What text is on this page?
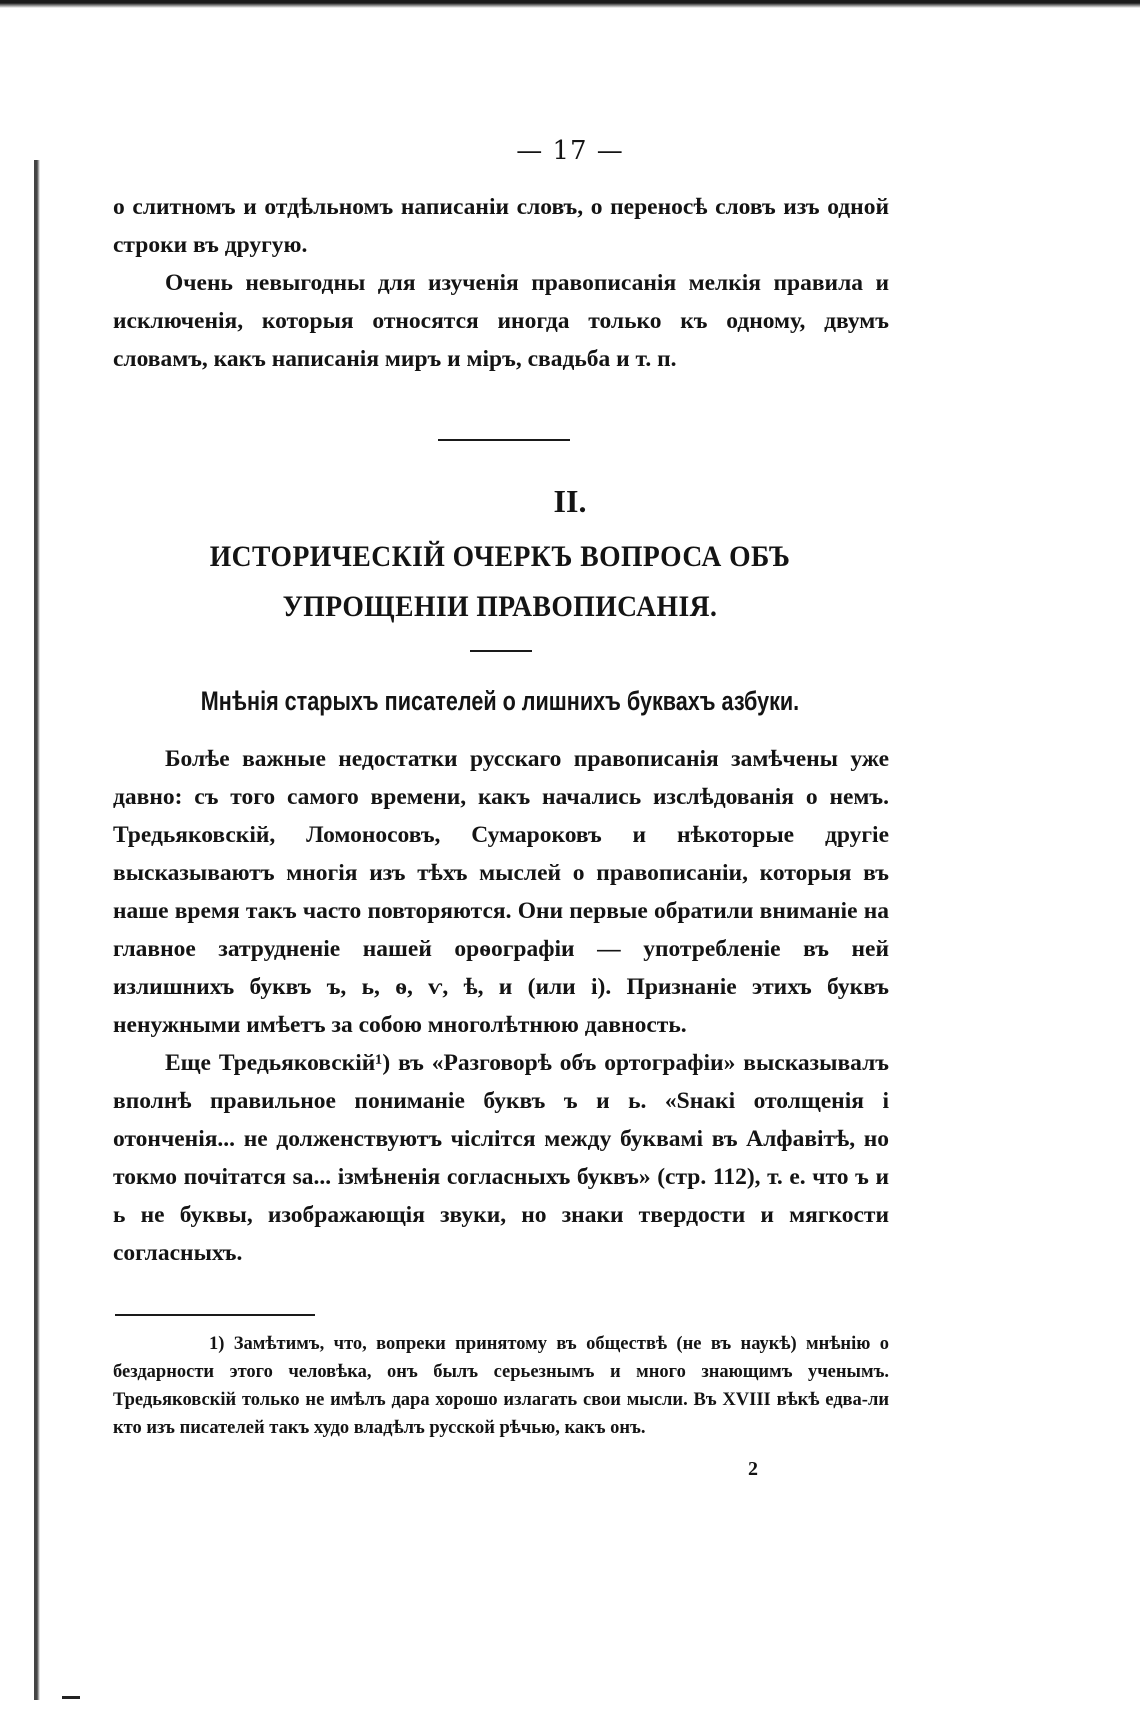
— 17 —

о слитномъ и отдѣльномъ написаніи словъ, о переносѣ словъ изъ одной строки въ другую.

Очень невыгодны для изученія правописанія мелкія правила и исключенія, которыя относятся иногда только къ одному, двумъ словамъ, какъ написанія миръ и міръ, свадьба и т. п.

II.
ИСТОРИЧЕСКІЙ ОЧЕРКЪ ВОПРОСА ОБЪ УПРОЩЕНІИ ПРАВОПИСАНІЯ.
Мнѣнія старыхъ писателей о лишнихъ буквахъ азбуки.

Болѣе важные недостатки русскаго правописанія замѣчены уже давно: съ того самого времени, какъ начались изслѣдованія о немъ. Тредьяковскій, Ломоносовъ, Сумароковъ и нѣкоторые другіе высказываютъ многія изъ тѣхъ мыслей о правописаніи, которыя въ наше время такъ часто повторяются. Они первые обратили вниманіе на главное затрудненіе нашей орѳографіи — употребленіе въ ней излишнихъ буквъ ъ, ь, ѳ, ѵ, ѣ, и (или і). Признаніе этихъ буквъ ненужными имѣетъ за собою многолѣтнюю давность.

Еще Тредьяковскій¹) въ «Разговорѣ объ ортографіи» высказывалъ вполнѣ правильное пониманіе буквъ ъ и ь. «Ѕнакі отолщенія і отонченія... не долженствуютъ чіслітся между буквамі въ Алфавітѣ, но токмо почітатся ѕа... ізмѣненія согласныхъ буквъ» (стр. 112), т. е. что ъ и ь не буквы, изображающія звуки, но знаки твердости и мягкости согласныхъ.

1) Замѣтимъ, что, вопреки принятому въ обществѣ (не въ наукѣ) мнѣнію о бездарности этого человѣка, онъ былъ серьезнымъ и много знающимъ ученымъ. Тредьяковскій только не имѣлъ дара хорошо излагать свои мысли. Въ XVIII вѣкѣ едва-ли кто изъ писателей такъ худо владѣлъ русской рѣчью, какъ онъ.

2
